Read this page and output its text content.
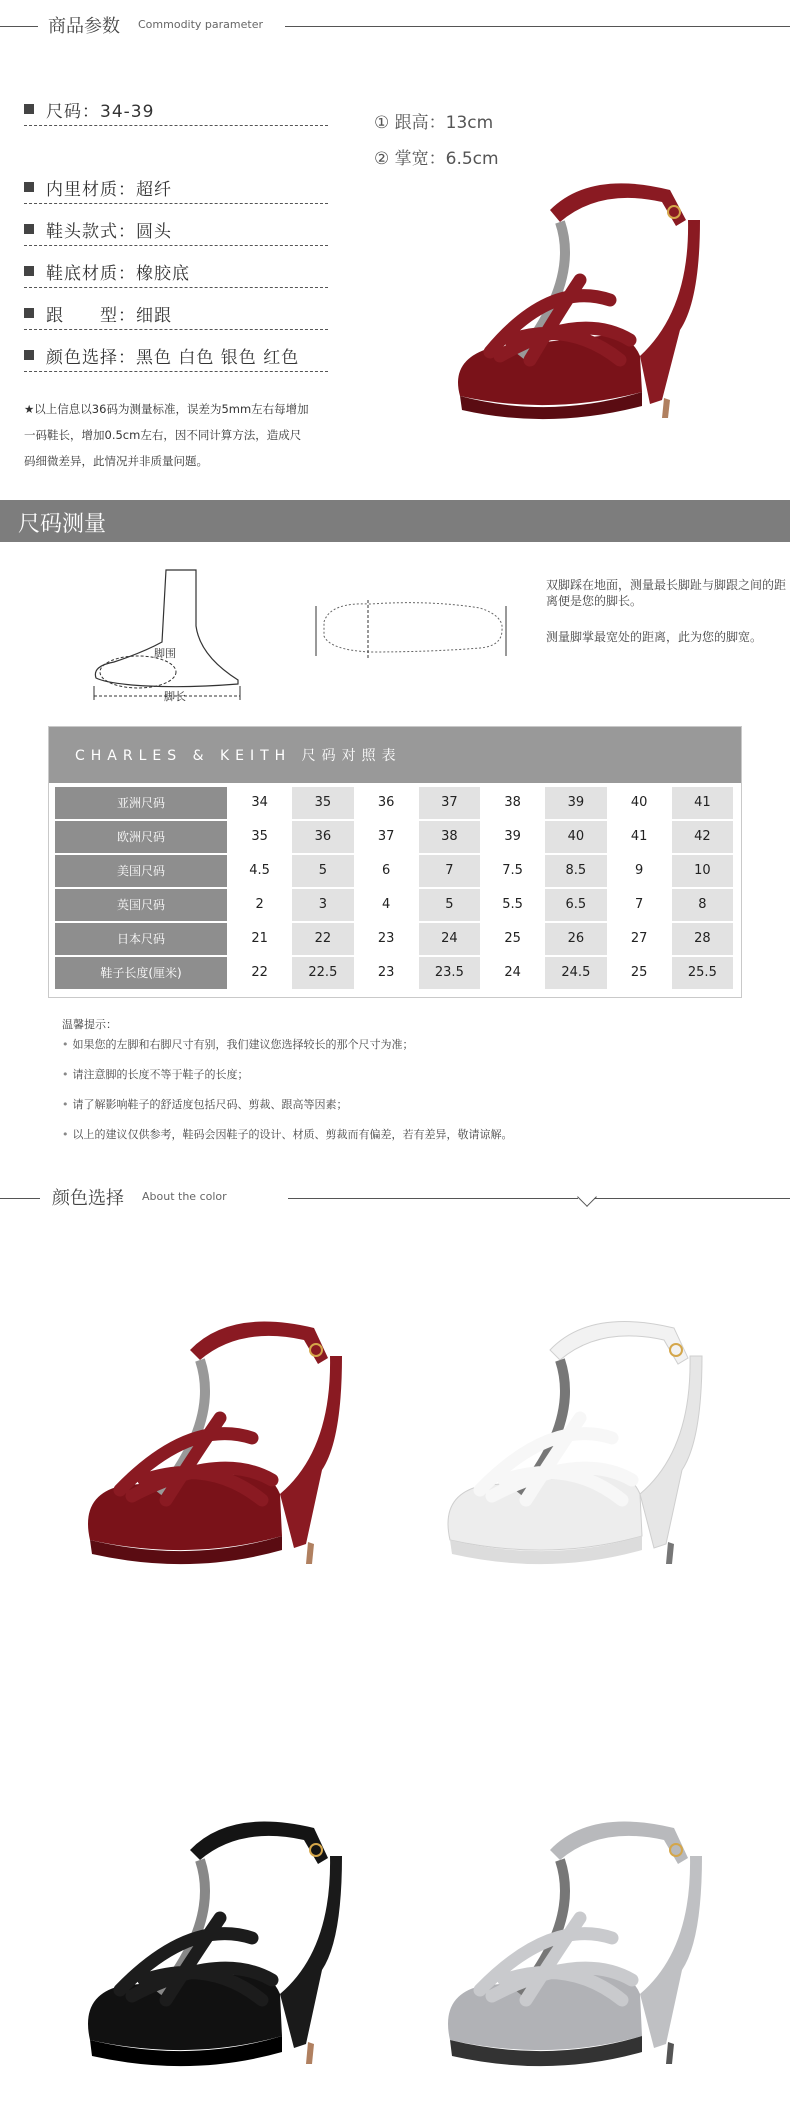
商品参数 Commodity parameter
尺码：34-39
内里材质：超纤
鞋头款式：圆头
鞋底材质：橡胶底
跟　　型：细跟
颜色选择：黑色 白色 银色 红色
① 跟高：13cm
② 掌宽：6.5cm
★以上信息以36码为测量标准，误差为5mm左右每增加
一码鞋长，增加0.5cm左右，因不同计算方法，造成尺
码细微差异，此情况并非质量问题。
尺码测量
脚围
脚长
双脚踩在地面，测量最长脚趾与脚跟之间的距离便是您的脚长。
测量脚掌最宽处的距离，此为您的脚宽。
CHARLES & KEITH 尺码对照表
亚洲尺码	34	35	36	37	38	39	40	41
欧洲尺码	35	36	37	38	39	40	41	42
美国尺码	4.5	5	6	7	7.5	8.5	9	10
英国尺码	2	3	4	5	5.5	6.5	7	8
日本尺码	21	22	23	24	25	26	27	28
鞋子长度(厘米)	22	22.5	23	23.5	24	24.5	25	25.5
温馨提示：
• 如果您的左脚和右脚尺寸有别，我们建议您选择较长的那个尺寸为准；
• 请注意脚的长度不等于鞋子的长度；
• 请了解影响鞋子的舒适度包括尺码、剪裁、跟高等因素；
• 以上的建议仅供参考，鞋码会因鞋子的设计、材质、剪裁而有偏差，若有差异，敬请谅解。
颜色选择 About the color
